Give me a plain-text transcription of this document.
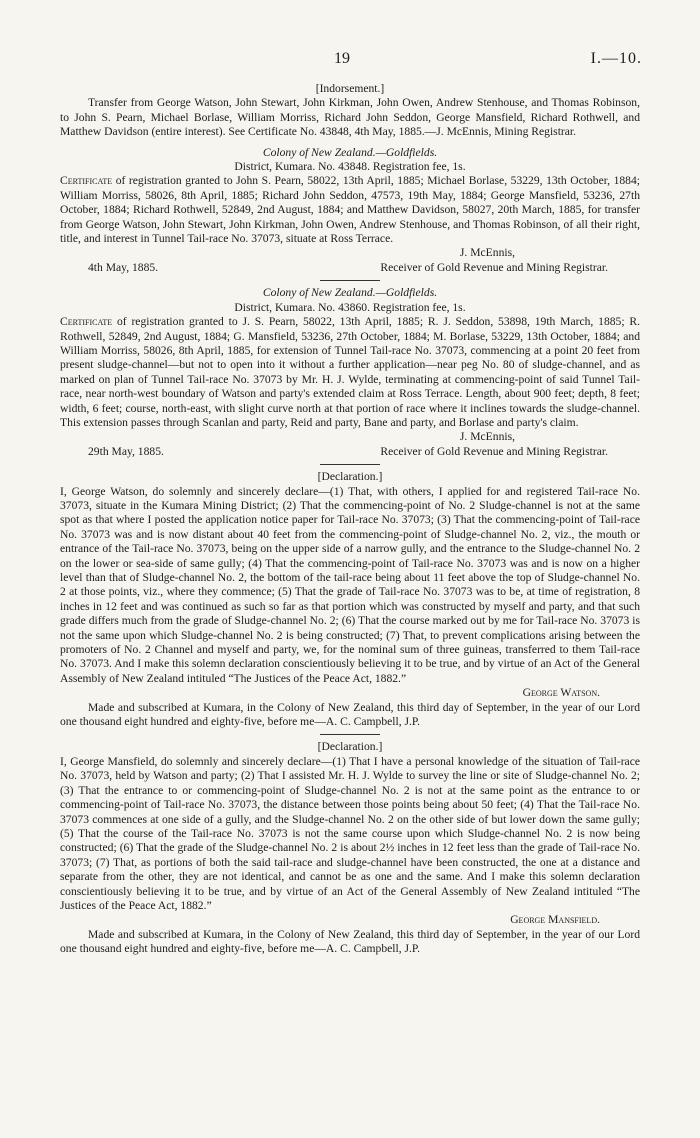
19	I.—10.

[Indorsement.]

Transfer from George Watson, John Stewart, John Kirkman, John Owen, Andrew Stenhouse, and Thomas Robinson, to John S. Pearn, Michael Borlase, William Morriss, Richard John Seddon, George Mansfield, Richard Rothwell, and Matthew Davidson (entire interest). See Certificate No. 43848, 4th May, 1885.—J. McEnnis, Mining Registrar.

Colony of New Zealand.—Goldfields.

District, Kumara. No. 43848. Registration fee, 1s.

Certificate of registration granted to John S. Pearn, 58022, 13th April, 1885; Michael Borlase, 53229, 13th October, 1884; William Morriss, 58026, 8th April, 1885; Richard John Seddon, 47573, 19th May, 1884; George Mansfield, 53236, 27th October, 1884; Richard Rothwell, 52849, 2nd August, 1884; and Matthew Davidson, 58027, 20th March, 1885, for transfer from George Watson, John Stewart, John Kirkman, John Owen, Andrew Stenhouse, and Thomas Robinson, of all their right, title, and interest in Tunnel Tail-race No. 37073, situate at Ross Terrace.

J. McEnnis,

4th May, 1885.	Receiver of Gold Revenue and Mining Registrar.

Colony of New Zealand.—Goldfields.

District, Kumara. No. 43860. Registration fee, 1s.

Certificate of registration granted to J. S. Pearn, 58022, 13th April, 1885; R. J. Seddon, 53898, 19th March, 1885; R. Rothwell, 52849, 2nd August, 1884; G. Mansfield, 53236, 27th October, 1884; M. Borlase, 53229, 13th October, 1884; and William Morriss, 58026, 8th April, 1885, for extension of Tunnel Tail-race No. 37073, commencing at a point 20 feet from present sludge-channel—but not to open into it without a further application—near peg No. 80 of sludge-channel, and as marked on plan of Tunnel Tail-race No. 37073 by Mr. H. J. Wylde, terminating at commencing-point of said Tunnel Tail-race, near north-west boundary of Watson and party's extended claim at Ross Terrace. Length, about 900 feet; depth, 8 feet; width, 6 feet; course, north-east, with slight curve north at that portion of race where it inclines towards the sludge-channel. This extension passes through Scanlan and party, Reid and party, Bane and party, and Borlase and party's claim.

J. McEnnis,

29th May, 1885.	Receiver of Gold Revenue and Mining Registrar.

[Declaration.]

I, George Watson, do solemnly and sincerely declare—(1) That, with others, I applied for and registered Tail-race No. 37073, situate in the Kumara Mining District; (2) That the commencing-point of No. 2 Sludge-channel is not at the same spot as that where I posted the application notice paper for Tail-race No. 37073; (3) That the commencing-point of Tail-race No. 37073 was and is now distant about 40 feet from the commencing-point of Sludge-channel No. 2, viz., the mouth or entrance of the Tail-race No. 37073, being on the upper side of a narrow gully, and the entrance to the Sludge-channel No. 2 on the lower or sea-side of same gully; (4) That the commencing-point of Tail-race No. 37073 was and is now on a higher level than that of Sludge-channel No. 2, the bottom of the tail-race being about 11 feet above the top of Sludge-channel No. 2 at those points, viz., where they commence; (5) That the grade of Tail-race No. 37073 was to be, at time of registration, 8 inches in 12 feet and was continued as such so far as that portion which was constructed by myself and party, and that such grade differs much from the grade of Sludge-channel No. 2; (6) That the course marked out by me for Tail-race No. 37073 is not the same upon which Sludge-channel No. 2 is being constructed; (7) That, to prevent complications arising between the promoters of No. 2 Channel and myself and party, we, for the nominal sum of three guineas, transferred to them Tail-race No. 37073. And I make this solemn declaration conscientiously believing it to be true, and by virtue of an Act of the General Assembly of New Zealand intituled “The Justices of the Peace Act, 1882.”

George Watson.

Made and subscribed at Kumara, in the Colony of New Zealand, this third day of September, in the year of our Lord one thousand eight hundred and eighty-five, before me—A. C. Campbell, J.P.

[Declaration.]

I, George Mansfield, do solemnly and sincerely declare—(1) That I have a personal knowledge of the situation of Tail-race No. 37073, held by Watson and party; (2) That I assisted Mr. H. J. Wylde to survey the line or site of Sludge-channel No. 2; (3) That the entrance to or commencing-point of Sludge-channel No. 2 is not at the same point as the entrance to or commencing-point of Tail-race No. 37073, the distance between those points being about 50 feet; (4) That the Tail-race No. 37073 commences at one side of a gully, and the Sludge-channel No. 2 on the other side of but lower down the same gully; (5) That the course of the Tail-race No. 37073 is not the same course upon which Sludge-channel No. 2 is now being constructed; (6) That the grade of the Sludge-channel No. 2 is about 2½ inches in 12 feet less than the grade of Tail-race No. 37073; (7) That, as portions of both the said tail-race and sludge-channel have been constructed, the one at a distance and separate from the other, they are not identical, and cannot be as one and the same. And I make this solemn declaration conscientiously believing it to be true, and by virtue of an Act of the General Assembly of New Zealand intituled “The Justices of the Peace Act, 1882.”

George Mansfield.

Made and subscribed at Kumara, in the Colony of New Zealand, this third day of September, in the year of our Lord one thousand eight hundred and eighty-five, before me—A. C. Campbell, J.P.
